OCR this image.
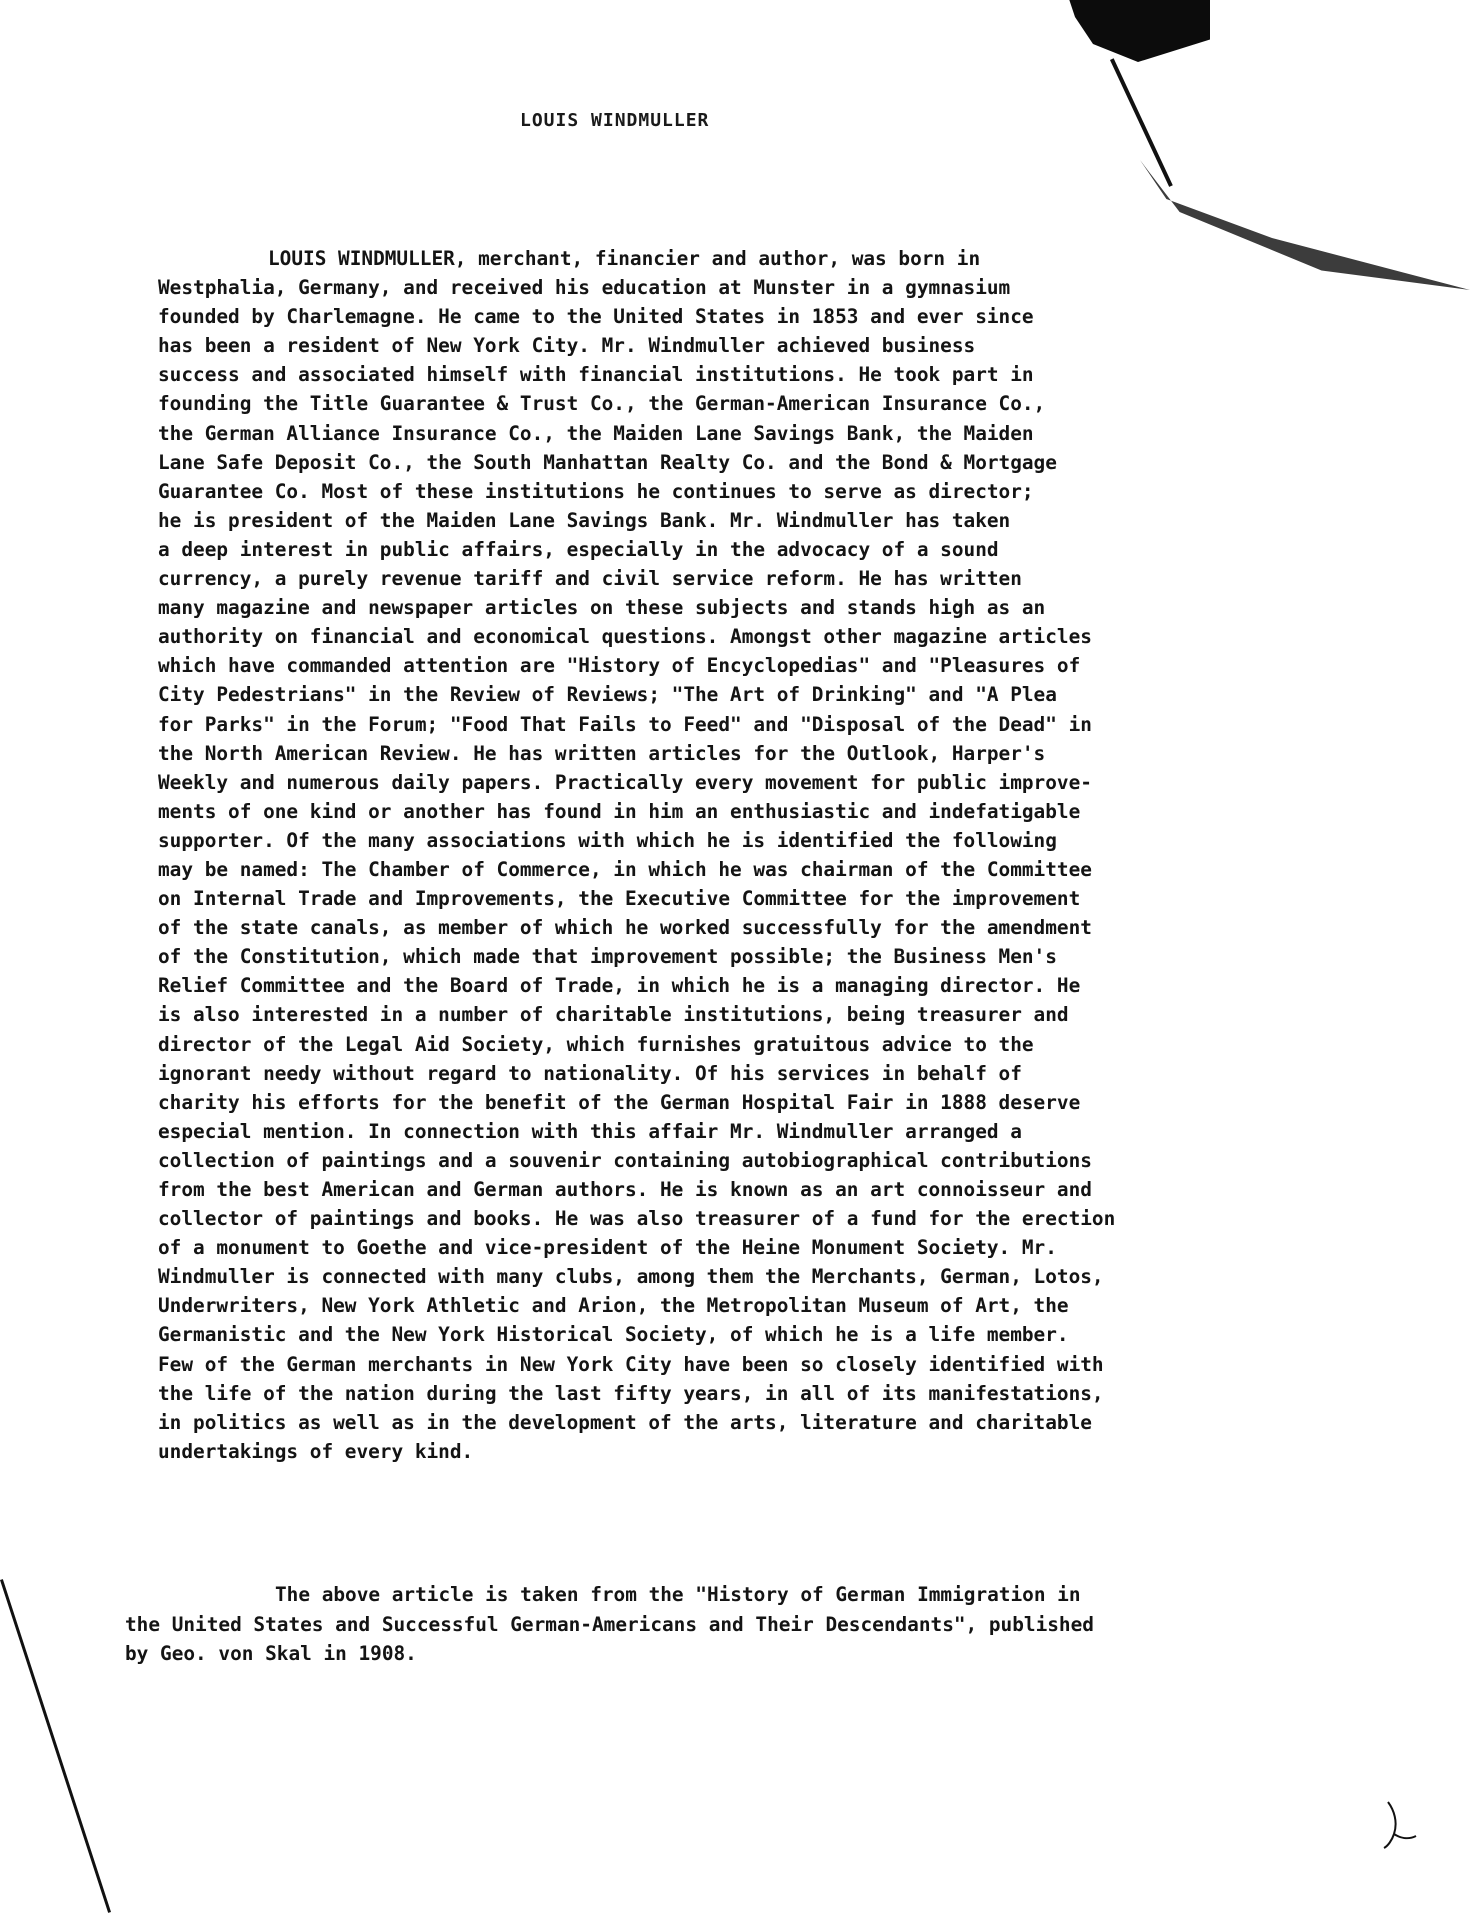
LOUIS WINDMULLER
LOUIS WINDMULLER, merchant, financier and author, was born in
Westphalia, Germany, and received his education at Munster in a gymnasium
founded by Charlemagne. He came to the United States in 1853 and ever since
has been a resident of New York City. Mr. Windmuller achieved business
success and associated himself with financial institutions. He took part in
founding the Title Guarantee & Trust Co., the German-American Insurance Co.,
the German Alliance Insurance Co., the Maiden Lane Savings Bank, the Maiden
Lane Safe Deposit Co., the South Manhattan Realty Co. and the Bond & Mortgage
Guarantee Co. Most of these institutions he continues to serve as director;
he is president of the Maiden Lane Savings Bank. Mr. Windmuller has taken
a deep interest in public affairs, especially in the advocacy of a sound
currency, a purely revenue tariff and civil service reform. He has written
many magazine and newspaper articles on these subjects and stands high as an
authority on financial and economical questions. Amongst other magazine articles
which have commanded attention are "History of Encyclopedias" and "Pleasures of
City Pedestrians" in the Review of Reviews; "The Art of Drinking" and "A Plea
for Parks" in the Forum; "Food That Fails to Feed" and "Disposal of the Dead" in
the North American Review. He has written articles for the Outlook, Harper's
Weekly and numerous daily papers. Practically every movement for public improve-
ments of one kind or another has found in him an enthusiastic and indefatigable
supporter. Of the many associations with which he is identified the following
may be named: The Chamber of Commerce, in which he was chairman of the Committee
on Internal Trade and Improvements, the Executive Committee for the improvement
of the state canals, as member of which he worked successfully for the amendment
of the Constitution, which made that improvement possible; the Business Men's
Relief Committee and the Board of Trade, in which he is a managing director. He
is also interested in a number of charitable institutions, being treasurer and
director of the Legal Aid Society, which furnishes gratuitous advice to the
ignorant needy without regard to nationality. Of his services in behalf of
charity his efforts for the benefit of the German Hospital Fair in 1888 deserve
especial mention. In connection with this affair Mr. Windmuller arranged a
collection of paintings and a souvenir containing autobiographical contributions
from the best American and German authors. He is known as an art connoisseur and
collector of paintings and books. He was also treasurer of a fund for the erection
of a monument to Goethe and vice-president of the Heine Monument Society. Mr.
Windmuller is connected with many clubs, among them the Merchants, German, Lotos,
Underwriters, New York Athletic and Arion, the Metropolitan Museum of Art, the
Germanistic and the New York Historical Society, of which he is a life member.
Few of the German merchants in New York City have been so closely identified with
the life of the nation during the last fifty years, in all of its manifestations,
in politics as well as in the development of the arts, literature and charitable
undertakings of every kind.
The above article is taken from the "History of German Immigration in
the United States and Successful German-Americans and Their Descendants", published
by Geo. von Skal in 1908.
